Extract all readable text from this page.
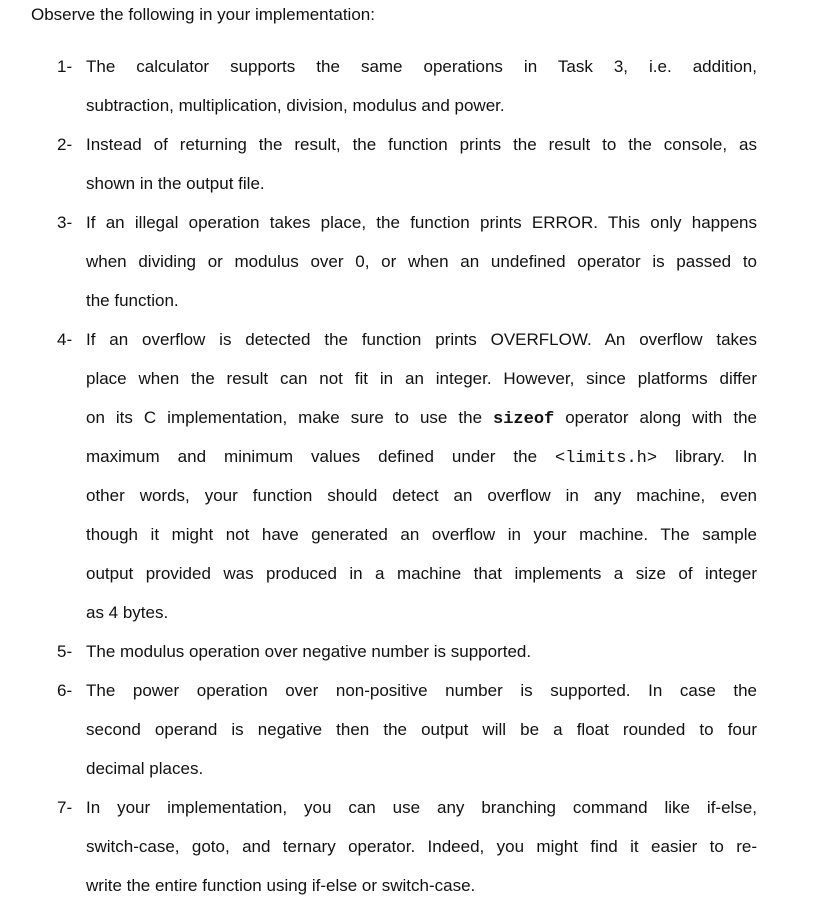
Observe the following in your implementation:
1- The calculator supports the same operations in Task 3, i.e. addition,
subtraction, multiplication, division, modulus and power.
2- Instead of returning the result, the function prints the result to the console, as
shown in the output file.
3- If an illegal operation takes place, the function prints ERROR. This only happens
when dividing or modulus over 0, or when an undefined operator is passed to
the function.
4- If an overflow is detected the function prints OVERFLOW. An overflow takes
place when the result can not fit in an integer. However, since platforms differ
on its C implementation, make sure to use the sizeof operator along with the
maximum and minimum values defined under the <limits.h> library. In
other words, your function should detect an overflow in any machine, even
though it might not have generated an overflow in your machine. The sample
output provided was produced in a machine that implements a size of integer
as 4 bytes.
5- The modulus operation over negative number is supported.
6- The power operation over non-positive number is supported. In case the
second operand is negative then the output will be a float rounded to four
decimal places.
7- In your implementation, you can use any branching command like if-else,
switch-case, goto, and ternary operator. Indeed, you might find it easier to re-
write the entire function using if-else or switch-case.
